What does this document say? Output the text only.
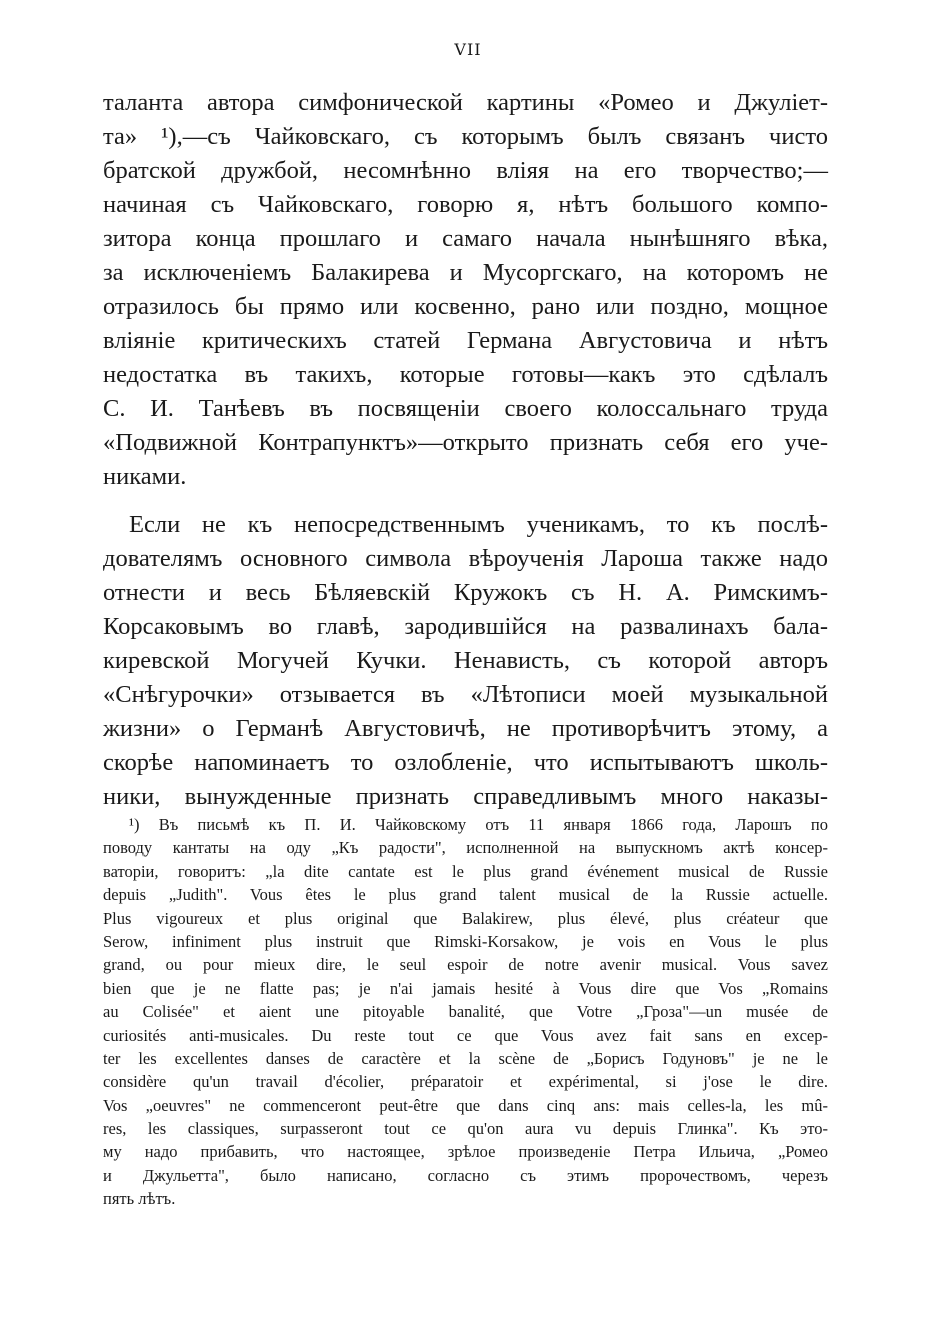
VII
таланта автора симфонической картины «Ромео и Джуліет-
та» ¹),—съ Чайковскаго, съ которымъ былъ связанъ чисто
братской дружбой, несомнѣнно вліяя на его творчество;—
начиная съ Чайковскаго, говорю я, нѣтъ большого компо-
зитора конца прошлаго и самаго начала нынѣшняго вѣка,
за исключеніемъ Балакирева и Мусоргскаго, на которомъ не
отразилось бы прямо или косвенно, рано или поздно, мощное
вліяніе критическихъ статей Германа Августовича и нѣтъ
недостатка въ такихъ, которые готовы—какъ это сдѣлалъ
С. И. Танѣевъ въ посвященіи своего колоссальнаго труда
«Подвижной Контрапунктъ»—открыто признать себя его уче-
никами.
Если не къ непосредственнымъ ученикамъ, то къ послѣ-
дователямъ основного символа вѣроученія Лароша также надо
отнести и весь Бѣляевскій Кружокъ съ Н. А. Римскимъ-
Корсаковымъ во главѣ, зародившійся на развалинахъ бала-
киревской Могучей Кучки. Ненависть, съ которой авторъ
«Снѣгурочки» отзывается въ «Лѣтописи моей музыкальной
жизни» о Германѣ Августовичѣ, не противорѣчитъ этому, а
скорѣе напоминаетъ то озлобленіе, что испытываютъ школь-
ники, вынужденные признать справедливымъ много наказы-
¹) Въ письмѣ къ П. И. Чайковскому отъ 11 января 1866 года, Ларошъ по
поводу кантаты на оду „Къ радости", исполненной на выпускномъ актѣ консер-
ваторіи, говоритъ: „la dite cantate est le plus grand événement musical de Russie
depuis „Judith". Vous êtes le plus grand talent musical de la Russie actuelle.
Plus vigoureux et plus original que Balakirew, plus élevé, plus créateur que
Serow, infiniment plus instruit que Rimski-Korsakow, je vois en Vous le plus
grand, ou pour mieux dire, le seul espoir de notre avenir musical. Vous savez
bien que je ne flatte pas; je n'ai jamais hesité à Vous dire que Vos „Romains
au Colisée" et aient une pitoyable banalité, que Votre „Гроза"—un musée de
curiosités anti-musicales. Du reste tout ce que Vous avez fait sans en excep-
ter les excellentes danses de caractère et la scène de „Борисъ Годуновъ" je ne le
considère qu'un travail d'écolier, préparatoir et expérimental, si j'ose le dire.
Vos „oeuvres" ne commenceront peut-être que dans cinq ans: mais celles-la, les mû-
res, les classiques, surpasseront tout ce qu'on aura vu depuis Глинка". Къ это-
му надо прибавить, что настоящее, зрѣлое произведеніе Петра Ильича, „Ромео
и Джульетта", было написано, согласно съ этимъ пророчествомъ, черезъ
пять лѣтъ.
